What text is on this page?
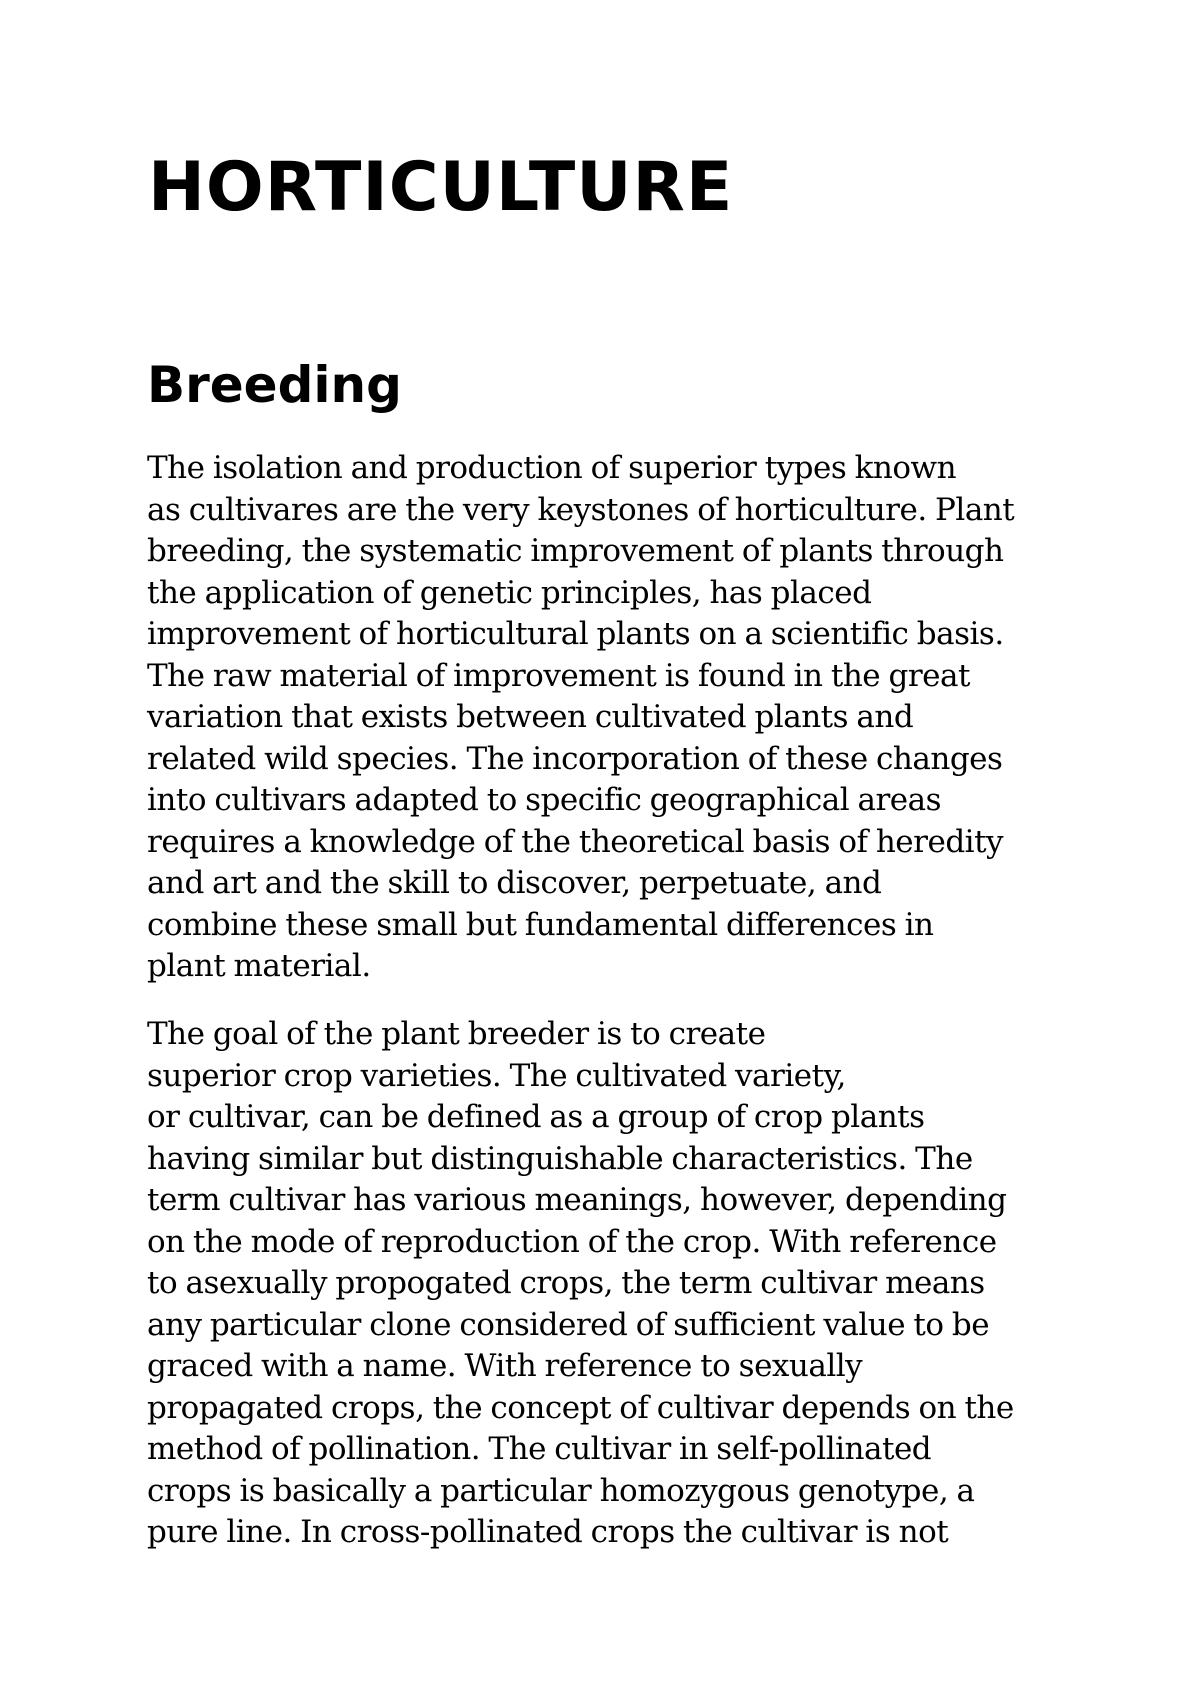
HORTICULTURE
Breeding
The isolation and production of superior types known
as cultivares are the very keystones of horticulture. Plant
breeding, the systematic improvement of plants through
the application of genetic principles, has placed
improvement of horticultural plants on a scientific basis.
The raw material of improvement is found in the great
variation that exists between cultivated plants and
related wild species. The incorporation of these changes
into cultivars adapted to specific geographical areas
requires a knowledge of the theoretical basis of heredity
and art and the skill to discover, perpetuate, and
combine these small but fundamental differences in
plant material.
The goal of the plant breeder is to create
superior crop varieties. The cultivated variety,
or cultivar, can be defined as a group of crop plants
having similar but distinguishable characteristics. The
term cultivar has various meanings, however, depending
on the mode of reproduction of the crop. With reference
to asexually propogated crops, the term cultivar means
any particular clone considered of sufficient value to be
graced with a name. With reference to sexually
propagated crops, the concept of cultivar depends on the
method of pollination. The cultivar in self-pollinated
crops is basically a particular homozygous genotype, a
pure line. In cross-pollinated crops the cultivar is not
